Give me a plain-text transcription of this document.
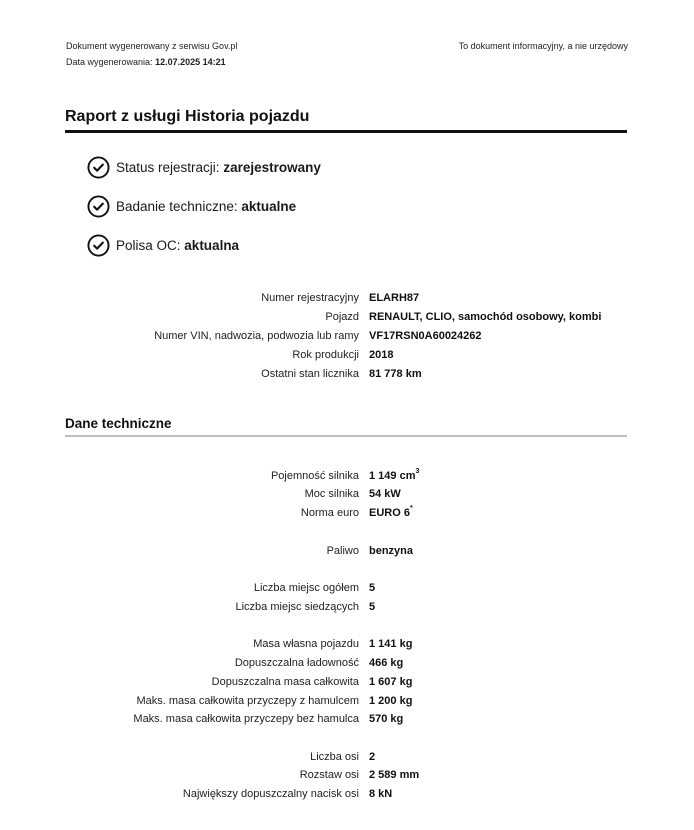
Dokument wygenerowany z serwisu Gov.pl
Data wygenerowania: 12.07.2025 14:21
To dokument informacyjny, a nie urzędowy
Raport z usługi Historia pojazdu
Status rejestracji:
zarejestrowany
Badanie techniczne:
aktualne
Polisa OC:
aktualna
Numer rejestracyjny ELARH87
Pojazd RENAULT, CLIO, samochód osobowy, kombi
Numer VIN, nadwozia, podwozia lub ramy VF17RSN0A60024262
Rok produkcji 2018
Ostatni stan licznika 81 778 km
Dane techniczne
Pojemność silnika 1 149 $cm^3$
Moc silnika 54 kW
Norma euro EURO 6*
Paliwo benzyna
Liczba miejsc ogółem 5
Liczba miejsc siedzących 5
Masa własna pojazdu 1 141 kg
Dopuszczalna ładowność 466 kg
Dopuszczalna masa całkowita 1 607 kg
Maks. masa całkowita przyczepy z hamulcem 1 200 kg
Maks. masa całkowita przyczepy bez hamulca 570 kg
Liczba osi 2
Rozstaw osi 2 589 mm
Największy dopuszczalny nacisk osi 8 kN
